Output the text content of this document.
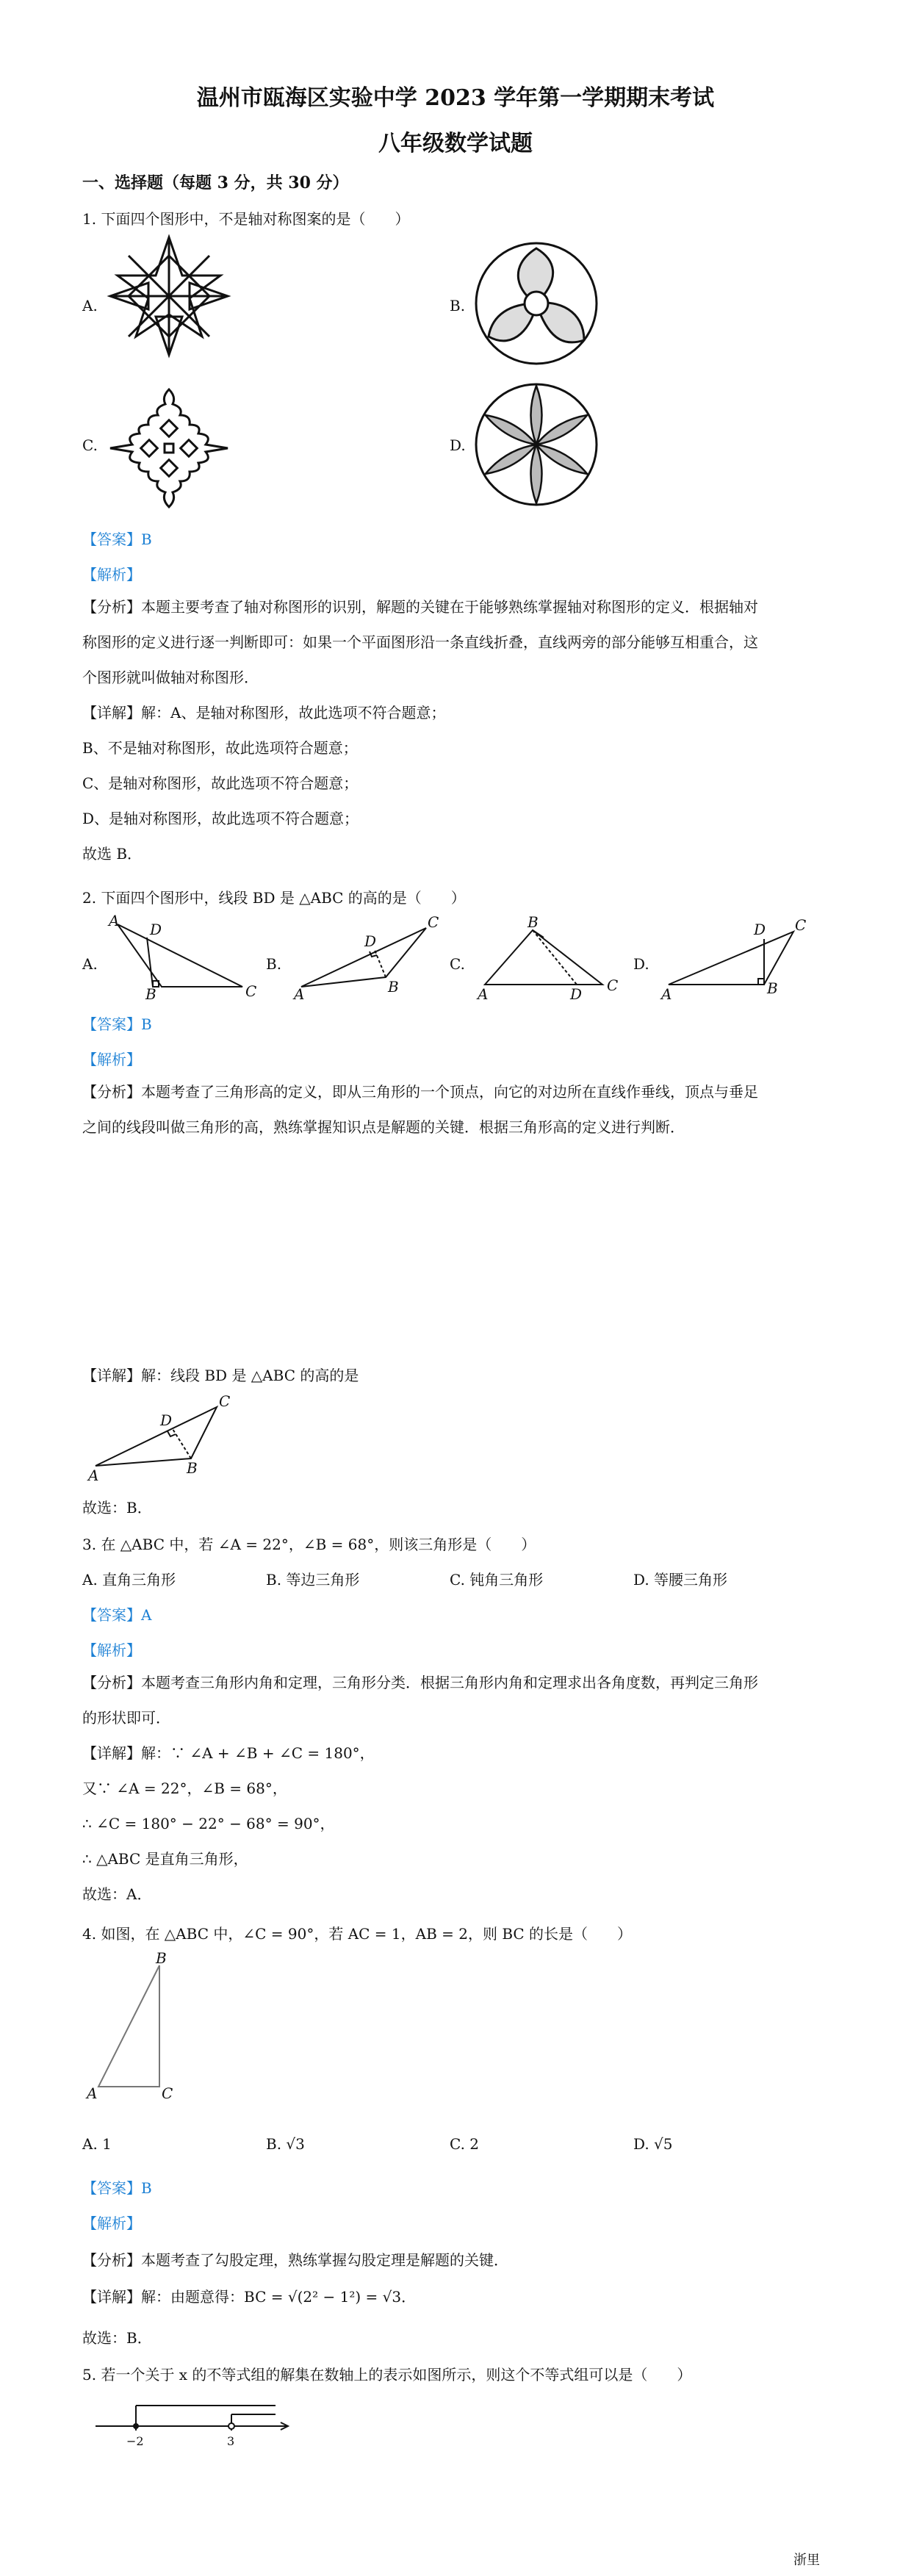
温州市瓯海区实验中学 2023 学年第一学期期末考试
八年级数学试题
一、选择题（每题 3 分，共 30 分）
1. 下面四个图形中，不是轴对称图案的是（　　）
A.	B.
C.	D.
【答案】B
【解析】
【分析】本题主要考查了轴对称图形的识别，解题的关键在于能够熟练掌握轴对称图形的定义．根据轴对
称图形的定义进行逐一判断即可：如果一个平面图形沿一条直线折叠，直线两旁的部分能够互相重合，这
个图形就叫做轴对称图形．
【详解】解：A、是轴对称图形，故此选项不符合题意；
B、不是轴对称图形，故此选项符合题意；
C、是轴对称图形，故此选项不符合题意；
D、是轴对称图形，故此选项不符合题意；
故选 B．
2. 下面四个图形中，线段 BD 是 △ABC 的高的是（　　）
A.
A D
B	C
B.
A
D
B
C
C.
A
B
D C
D.
A
D
B
C
【答案】B
【解析】
【分析】本题考查了三角形高的定义，即从三角形的一个顶点，向它的对边所在直线作垂线，顶点与垂足
之间的线段叫做三角形的高，熟练掌握知识点是解题的关键．根据三角形高的定义进行判断．
【详解】解：线段 BD 是 △ABC 的高的是
A
D
B
C
故选：B．
3. 在 △ABC 中，若 ∠A = 22°，∠B = 68°，则该三角形是（　　）
A. 直角三角形	B. 等边三角形	C. 钝角三角形	D. 等腰三角形
【答案】A
【解析】
【分析】本题考查三角形内角和定理，三角形分类．根据三角形内角和定理求出各角度数，再判定三角形
的形状即可．
【详解】解：∵ ∠A + ∠B + ∠C = 180°，
又∵ ∠A = 22°，∠B = 68°，
∴ ∠C = 180° − 22° − 68° = 90°，
∴ △ABC 是直角三角形，
故选：A．
4. 如图，在 △ABC 中，∠C = 90°，若 AC = 1，AB = 2，则 BC 的长是（　　）
B
A	C
A. 1	B. √3	C. 2	D. √5
【答案】B
【解析】
【分析】本题考查了勾股定理，熟练掌握勾股定理是解题的关键．
【详解】解：由题意得：BC = √(2² − 1²) = √3．
故选：B．
5. 若一个关于 x 的不等式组的解集在数轴上的表示如图所示，则这个不等式组可以是（　　）
−2	3
浙里
